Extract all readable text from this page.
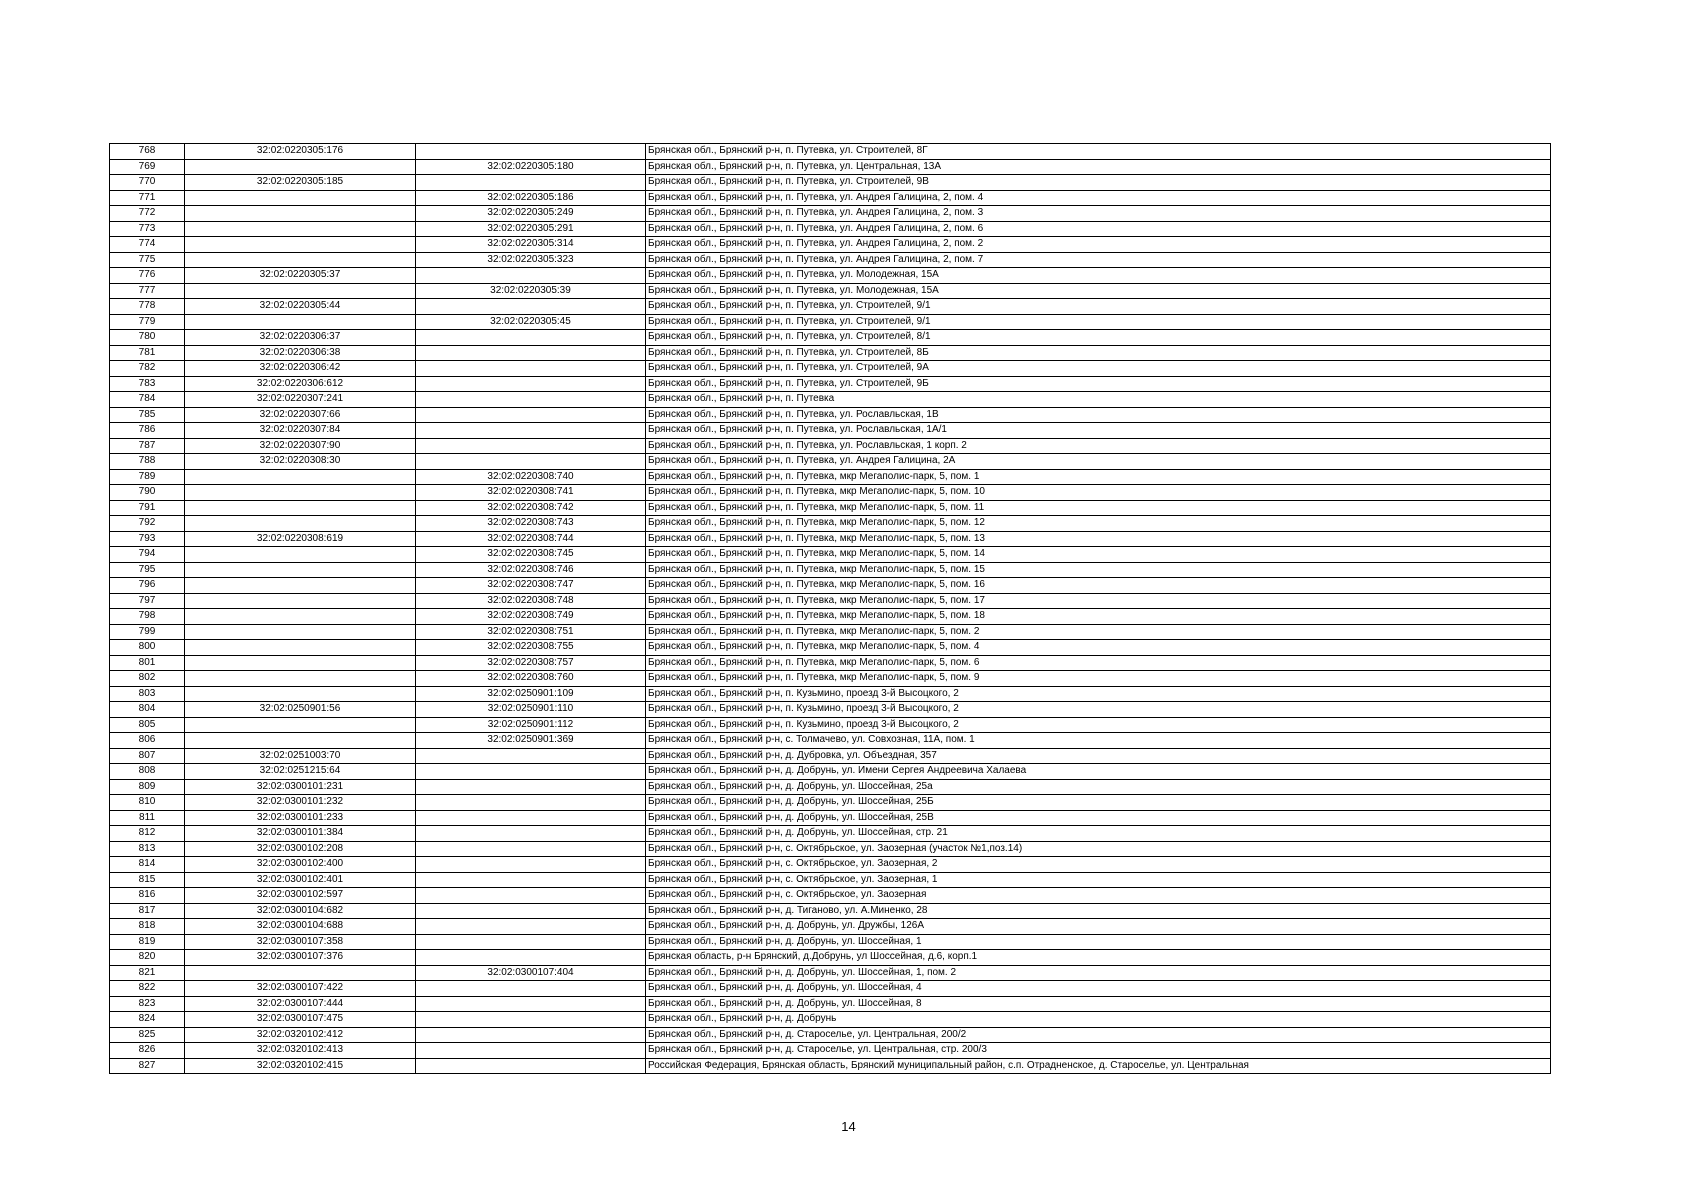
768	32:02:0220305:176		Брянская обл., Брянский р-н, п. Путевка, ул. Строителей, 8Г
769		32:02:0220305:180	Брянская обл., Брянский р-н, п. Путевка, ул. Центральная, 13А
770	32:02:0220305:185		Брянская обл., Брянский р-н, п. Путевка, ул. Строителей, 9В
771		32:02:0220305:186	Брянская обл., Брянский р-н, п. Путевка, ул. Андрея Галицина, 2, пом. 4
772		32:02:0220305:249	Брянская обл., Брянский р-н, п. Путевка, ул. Андрея Галицина, 2, пом. 3
773		32:02:0220305:291	Брянская обл., Брянский р-н, п. Путевка, ул. Андрея Галицина, 2, пом. 6
774		32:02:0220305:314	Брянская обл., Брянский р-н, п. Путевка, ул. Андрея Галицина, 2, пом. 2
775		32:02:0220305:323	Брянская обл., Брянский р-н, п. Путевка, ул. Андрея Галицина, 2, пом. 7
776	32:02:0220305:37		Брянская обл., Брянский р-н, п. Путевка, ул. Молодежная, 15А
777		32:02:0220305:39	Брянская обл., Брянский р-н, п. Путевка, ул. Молодежная, 15А
778	32:02:0220305:44		Брянская обл., Брянский р-н, п. Путевка, ул. Строителей, 9/1
779		32:02:0220305:45	Брянская обл., Брянский р-н, п. Путевка, ул. Строителей, 9/1
780	32:02:0220306:37		Брянская обл., Брянский р-н, п. Путевка, ул. Строителей, 8/1
781	32:02:0220306:38		Брянская обл., Брянский р-н, п. Путевка, ул. Строителей, 8Б
782	32:02:0220306:42		Брянская обл., Брянский р-н, п. Путевка, ул. Строителей, 9А
783	32:02:0220306:612		Брянская обл., Брянский р-н, п. Путевка, ул. Строителей, 9Б
784	32:02:0220307:241		Брянская обл., Брянский р-н, п. Путевка
785	32:02:0220307:66		Брянская обл., Брянский р-н, п. Путевка, ул. Рославльская, 1В
786	32:02:0220307:84		Брянская обл., Брянский р-н, п. Путевка, ул. Рославльская, 1А/1
787	32:02:0220307:90		Брянская обл., Брянский р-н, п. Путевка, ул. Рославльская, 1 корп. 2
788	32:02:0220308:30		Брянская обл., Брянский р-н, п. Путевка, ул. Андрея Галицина, 2А
789		32:02:0220308:740	Брянская обл., Брянский р-н, п. Путевка, мкр Мегаполис-парк, 5, пом. 1
790		32:02:0220308:741	Брянская обл., Брянский р-н, п. Путевка, мкр Мегаполис-парк, 5, пом. 10
791		32:02:0220308:742	Брянская обл., Брянский р-н, п. Путевка, мкр Мегаполис-парк, 5, пом. 11
792		32:02:0220308:743	Брянская обл., Брянский р-н, п. Путевка, мкр Мегаполис-парк, 5, пом. 12
793	32:02:0220308:619	32:02:0220308:744	Брянская обл., Брянский р-н, п. Путевка, мкр Мегаполис-парк, 5, пом. 13
794		32:02:0220308:745	Брянская обл., Брянский р-н, п. Путевка, мкр Мегаполис-парк, 5, пом. 14
795		32:02:0220308:746	Брянская обл., Брянский р-н, п. Путевка, мкр Мегаполис-парк, 5, пом. 15
796		32:02:0220308:747	Брянская обл., Брянский р-н, п. Путевка, мкр Мегаполис-парк, 5, пом. 16
797		32:02:0220308:748	Брянская обл., Брянский р-н, п. Путевка, мкр Мегаполис-парк, 5, пом. 17
798		32:02:0220308:749	Брянская обл., Брянский р-н, п. Путевка, мкр Мегаполис-парк, 5, пом. 18
799		32:02:0220308:751	Брянская обл., Брянский р-н, п. Путевка, мкр Мегаполис-парк, 5, пом. 2
800		32:02:0220308:755	Брянская обл., Брянский р-н, п. Путевка, мкр Мегаполис-парк, 5, пом. 4
801		32:02:0220308:757	Брянская обл., Брянский р-н, п. Путевка, мкр Мегаполис-парк, 5, пом. 6
802		32:02:0220308:760	Брянская обл., Брянский р-н, п. Путевка, мкр Мегаполис-парк, 5, пом. 9
803		32:02:0250901:109	Брянская обл., Брянский р-н, п. Кузьмино, проезд 3-й Высоцкого, 2
804	32:02:0250901:56	32:02:0250901:110	Брянская обл., Брянский р-н, п. Кузьмино, проезд 3-й Высоцкого, 2
805		32:02:0250901:112	Брянская обл., Брянский р-н, п. Кузьмино, проезд 3-й Высоцкого, 2
806		32:02:0250901:369	Брянская обл., Брянский р-н, с. Толмачево, ул. Совхозная, 11А, пом. 1
807	32:02:0251003:70		Брянская обл., Брянский р-н, д. Дубровка, ул. Объездная, 357
808	32:02:0251215:64		Брянская обл., Брянский р-н, д. Добрунь, ул. Имени Сергея Андреевича Халаева
809	32:02:0300101:231		Брянская обл., Брянский р-н, д. Добрунь, ул. Шоссейная, 25а
810	32:02:0300101:232		Брянская обл., Брянский р-н, д. Добрунь, ул. Шоссейная, 25Б
811	32:02:0300101:233		Брянская обл., Брянский р-н, д. Добрунь, ул. Шоссейная, 25В
812	32:02:0300101:384		Брянская обл., Брянский р-н, д. Добрунь, ул. Шоссейная, стр. 21
813	32:02:0300102:208		Брянская обл., Брянский р-н, с. Октябрьское, ул. Заозерная (участок №1,поз.14)
814	32:02:0300102:400		Брянская обл., Брянский р-н, с. Октябрьское, ул. Заозерная, 2
815	32:02:0300102:401		Брянская обл., Брянский р-н, с. Октябрьское, ул. Заозерная, 1
816	32:02:0300102:597		Брянская обл., Брянский р-н, с. Октябрьское, ул. Заозерная
817	32:02:0300104:682		Брянская обл., Брянский р-н, д. Тиганово, ул. А.Миненко, 28
818	32:02:0300104:688		Брянская обл., Брянский р-н, д. Добрунь, ул. Дружбы, 126А
819	32:02:0300107:358		Брянская обл., Брянский р-н, д. Добрунь, ул. Шоссейная, 1
820	32:02:0300107:376		Брянская область, р-н Брянский, д.Добрунь, ул Шоссейная, д.6, корп.1
821		32:02:0300107:404	Брянская обл., Брянский р-н, д. Добрунь, ул. Шоссейная, 1, пом. 2
822	32:02:0300107:422		Брянская обл., Брянский р-н, д. Добрунь, ул. Шоссейная, 4
823	32:02:0300107:444		Брянская обл., Брянский р-н, д. Добрунь, ул. Шоссейная, 8
824	32:02:0300107:475		Брянская обл., Брянский р-н, д. Добрунь
825	32:02:0320102:412		Брянская обл., Брянский р-н, д. Староселье, ул. Центральная, 200/2
826	32:02:0320102:413		Брянская обл., Брянский р-н, д. Староселье, ул. Центральная, стр. 200/3
827	32:02:0320102:415		Российская Федерация, Брянская область, Брянский муниципальный район, с.п. Отрадненское, д. Староселье, ул. Центральная
14
